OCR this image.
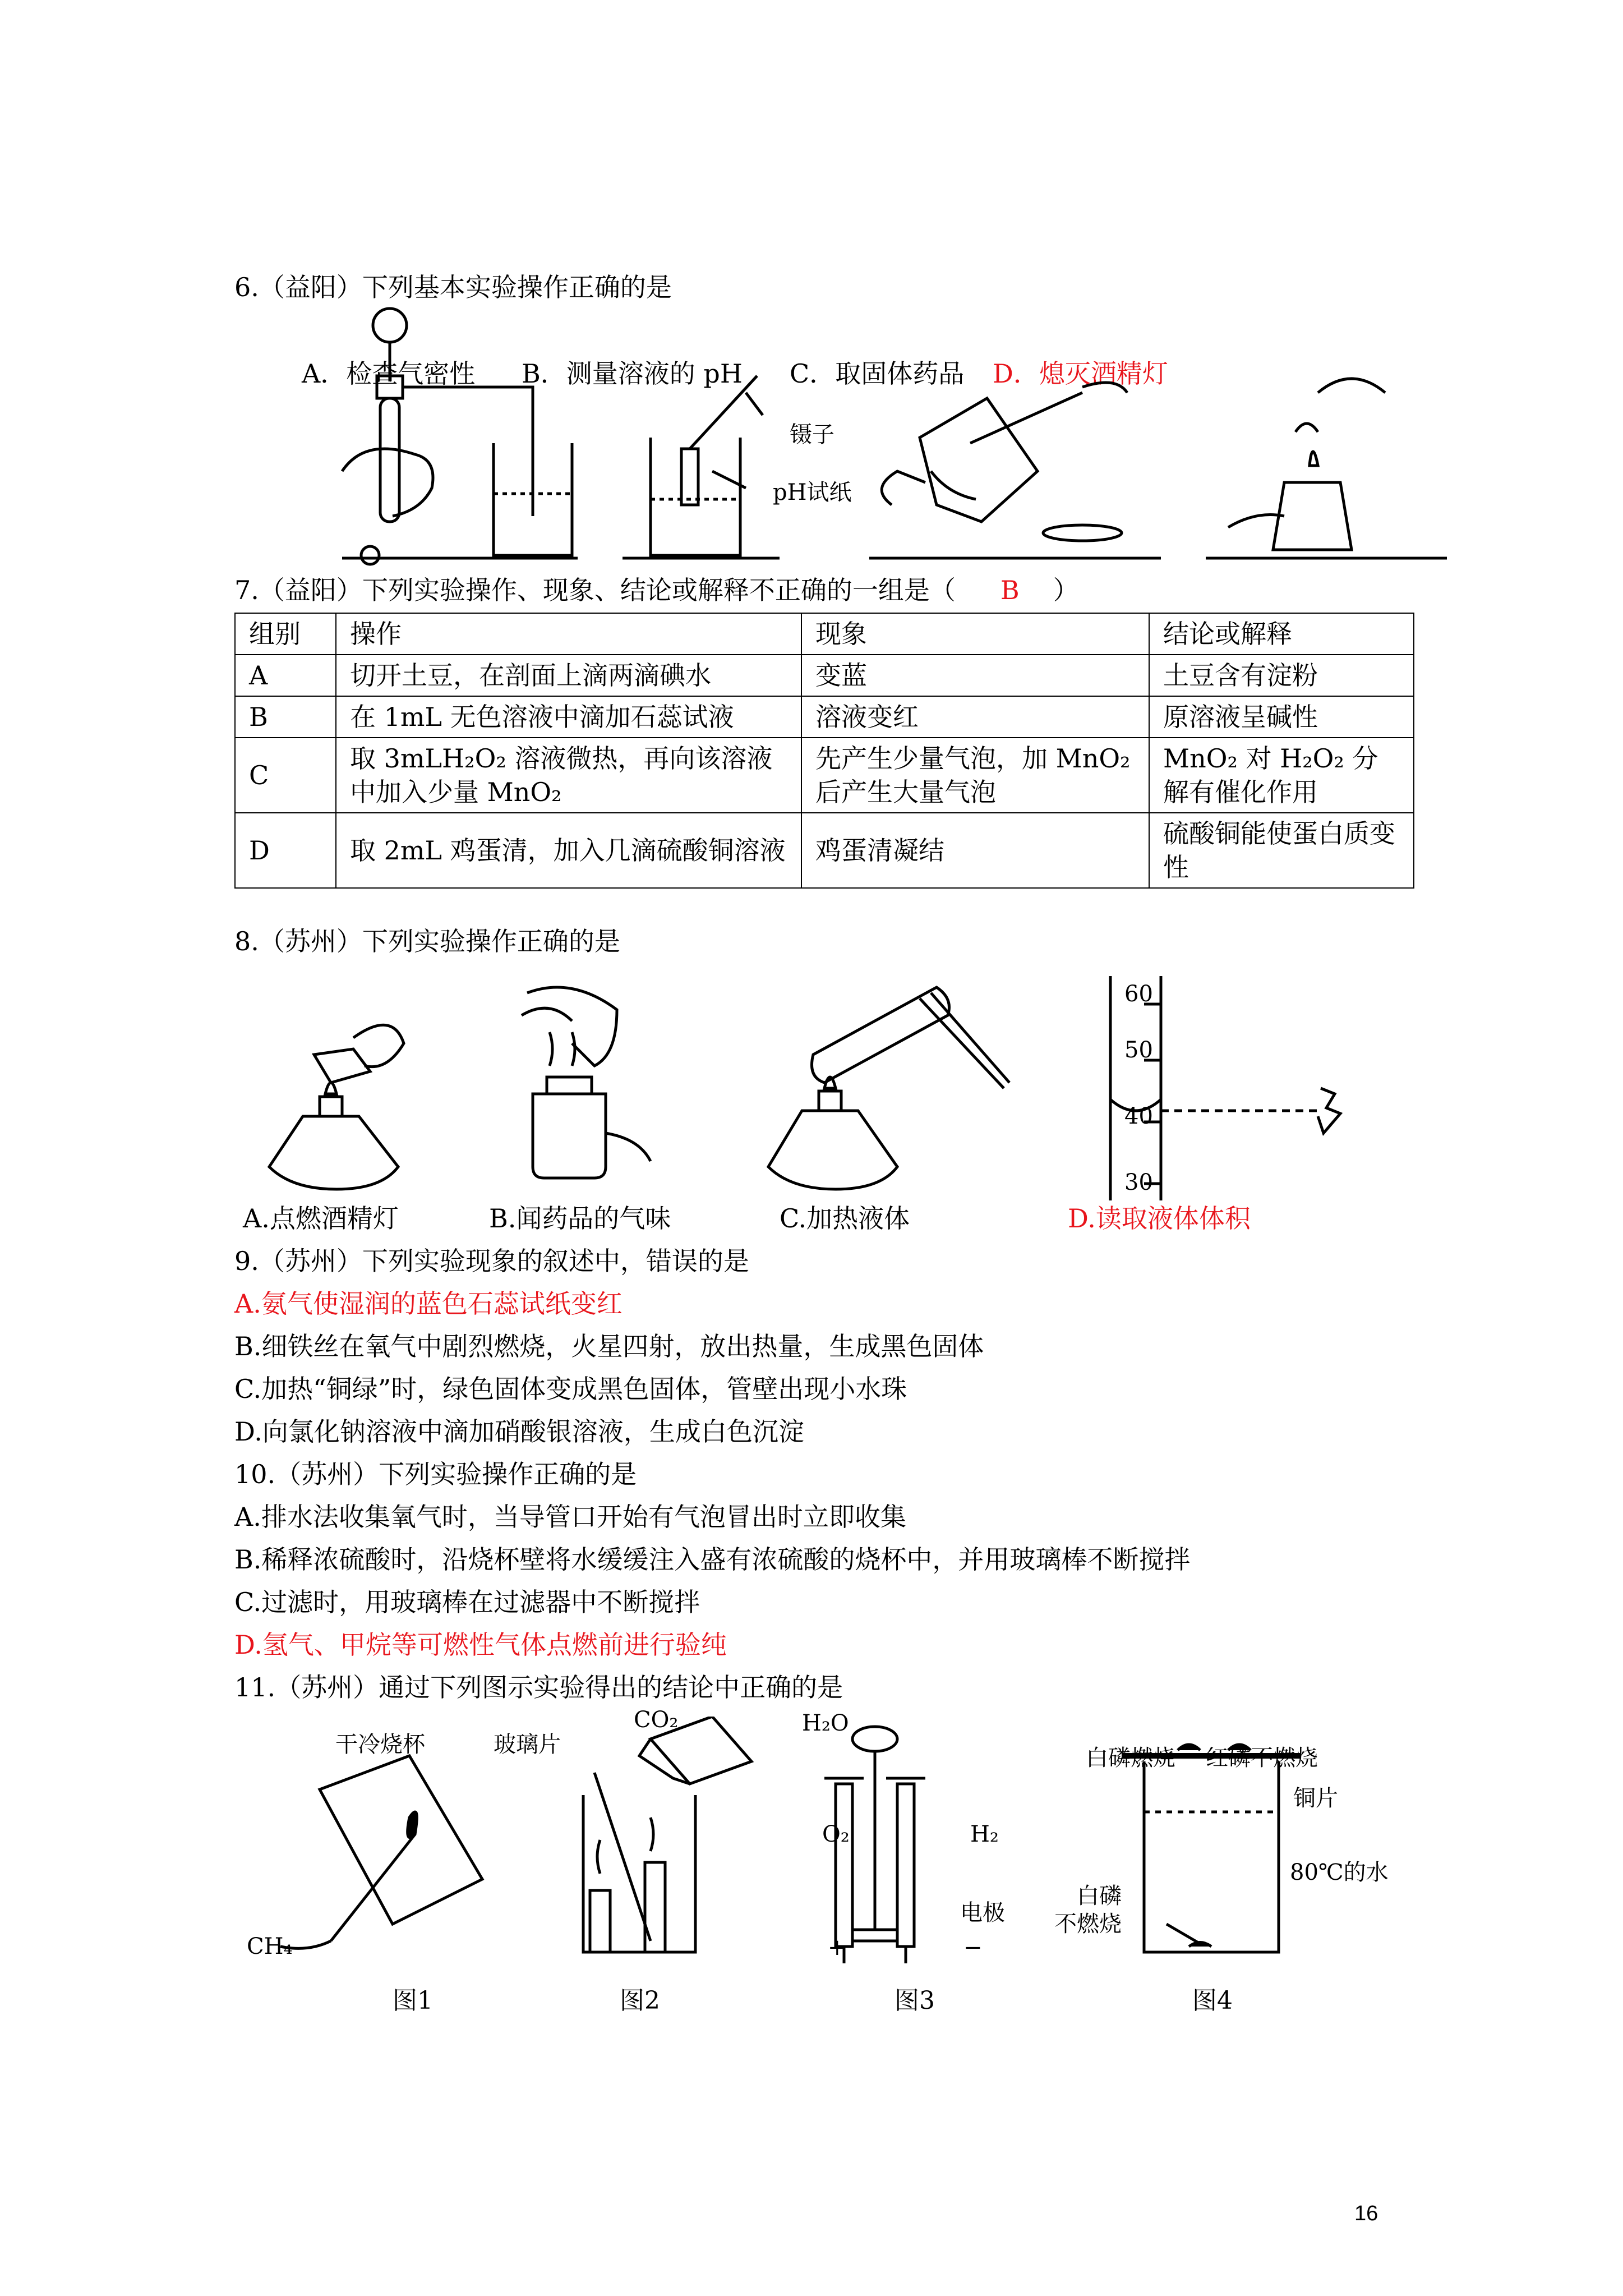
6.（益阳）下列基本实验操作正确的是
A．检查气密性 B．测量溶液的 pH C．取固体药品 D．熄灭酒精灯
镊子
pH试纸
7.（益阳）下列实验操作、现象、结论或解释不正确的一组是（ B ）
组别	操作	现象	结论或解释
A	切开土豆，在剖面上滴两滴碘水	变蓝	土豆含有淀粉
B	在 1mL 无色溶液中滴加石蕊试液	溶液变红	原溶液呈碱性
C	取 3mLH₂O₂ 溶液微热，再向该溶液中加入少量 MnO₂	先产生少量气泡，加 MnO₂ 后产生大量气泡	MnO₂ 对 H₂O₂ 分解有催化作用
D	取 2mL 鸡蛋清，加入几滴硫酸铜溶液	鸡蛋清凝结	硫酸铜能使蛋白质变性
8.（苏州）下列实验操作正确的是
60
50
40
30
A.点燃酒精灯	B.闻药品的气味	C.加热液体	D.读取液体体积
9.（苏州）下列实验现象的叙述中，错误的是
A.氨气使湿润的蓝色石蕊试纸变红
B.细铁丝在氧气中剧烈燃烧，火星四射，放出热量，生成黑色固体
C.加热“铜绿”时，绿色固体变成黑色固体，管壁出现小水珠
D.向氯化钠溶液中滴加硝酸银溶液，生成白色沉淀
10.（苏州）下列实验操作正确的是
A.排水法收集氧气时，当导管口开始有气泡冒出时立即收集
B.稀释浓硫酸时，沿烧杯壁将水缓缓注入盛有浓硫酸的烧杯中，并用玻璃棒不断搅拌
C.过滤时，用玻璃棒在过滤器中不断搅拌
D.氢气、甲烷等可燃性气体点燃前进行验纯
11.（苏州）通过下列图示实验得出的结论中正确的是
干冷烧杯
CH₄
玻璃片
CO₂	H₂O
O₂	H₂
电极
+	−
白磷燃烧 红磷不燃烧
铜片
80℃的水
白磷
不燃烧
图1	图2	图3	图4
16
